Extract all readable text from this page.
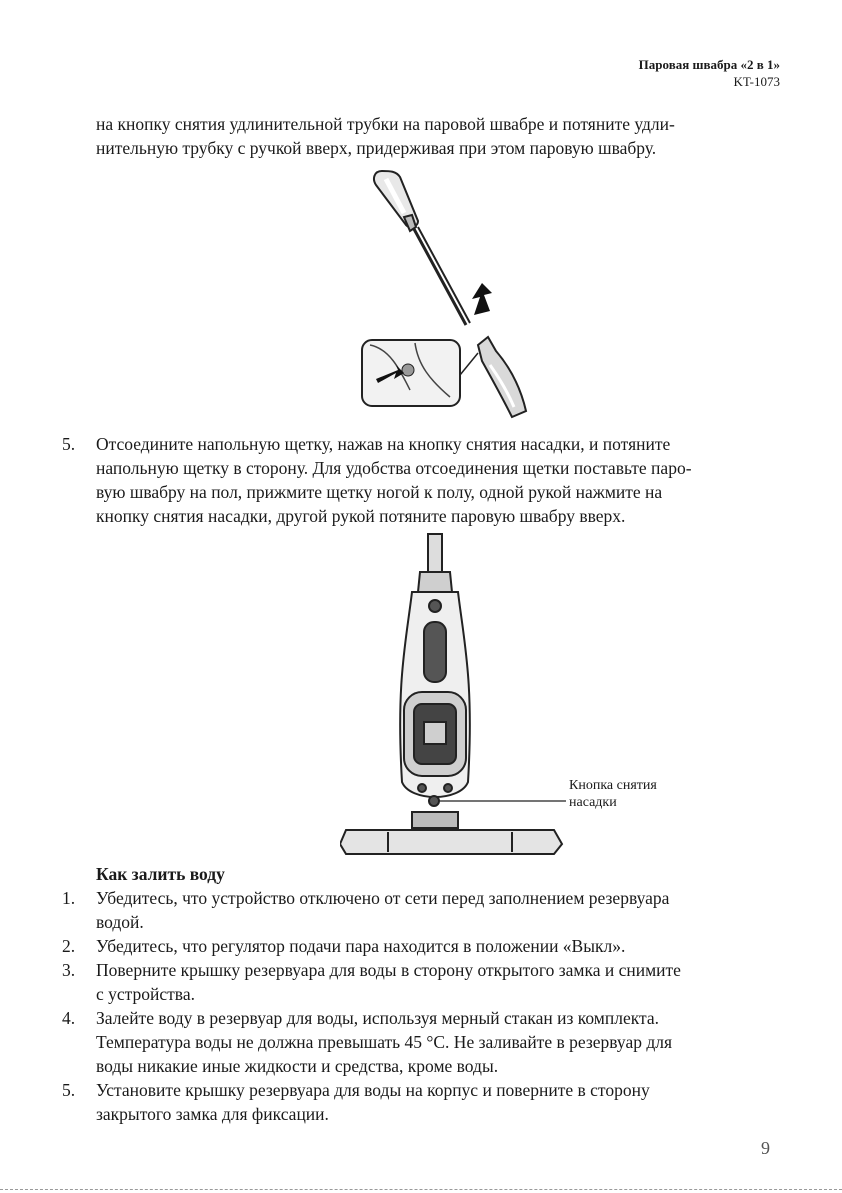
Паровая швабра «2 в 1»
KT-1073
на кнопку снятия удлинительной трубки на паровой швабре и потяните удли-
нительную трубку с ручкой вверх, придерживая при этом паровую швабру.
5. Отсоедините напольную щетку, нажав на кнопку снятия насадки, и потяните
напольную щетку в сторону. Для удобства отсоединения щетки поставьте паро-
вую швабру на пол, прижмите щетку ногой к полу, одной рукой нажмите на
кнопку снятия насадки, другой рукой потяните паровую швабру вверх.
Кнопка снятия
насадки
Как залить воду
1. Убедитесь, что устройство отключено от сети перед заполнением резервуара
водой.
2. Убедитесь, что регулятор подачи пара находится в положении «Выкл».
3. Поверните крышку резервуара для воды в сторону открытого замка и снимите
с устройства.
4. Залейте воду в резервуар для воды, используя мерный стакан из комплекта.
Температура воды не должна превышать 45 °С. Не заливайте в резервуар для
воды никакие иные жидкости и средства, кроме воды.
5. Установите крышку резервуара для воды на корпус и поверните в сторону
закрытого замка для фиксации.
9
